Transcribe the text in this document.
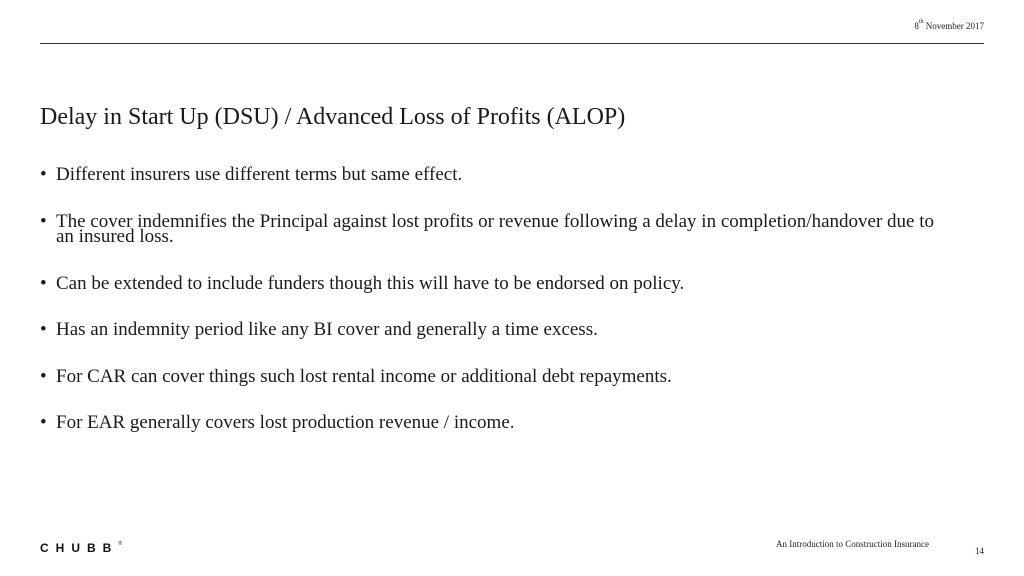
8th November 2017
Delay in Start Up (DSU) / Advanced Loss of Profits (ALOP)
• Different insurers use different terms but same effect.
• The cover indemnifies the Principal against lost profits or revenue following a delay in completion/handover due to an insured loss.
• Can be extended to include funders though this will have to be endorsed on policy.
• Has an indemnity period like any BI cover and generally a time excess.
• For CAR can cover things such lost rental income or additional debt repayments.
• For EAR generally covers lost production revenue / income.
CHUBB®	An Introduction to Construction Insurance
14
